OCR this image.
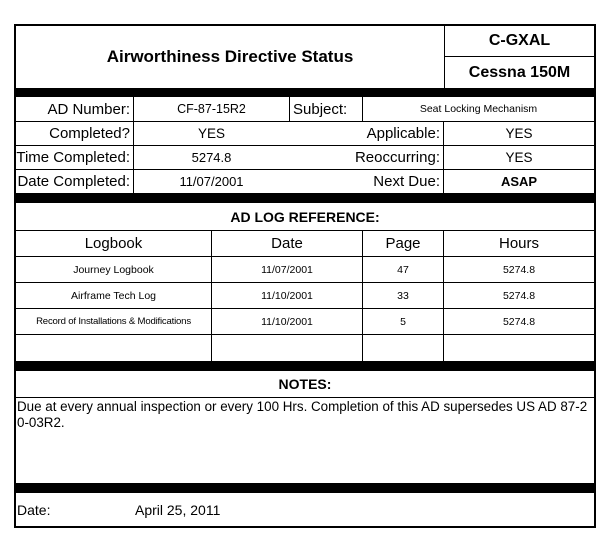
Airworthiness Directive Status
C-GXAL
Cessna 150M
AD Number:	CF-87-15R2	Subject:	Seat Locking Mechanism
Completed?	YES	Applicable:	YES
Time Completed:	5274.8	Reoccurring:	YES
Date Completed:	11/07/2001	Next Due:	ASAP
AD LOG REFERENCE:
Logbook	Date	Page	Hours
Journey Logbook	11/07/2001	47	5274.8
Airframe Tech Log	11/10/2001	33	5274.8
Record of Installations & Modifications	11/10/2001	5	5274.8
NOTES:
Due at every annual inspection or every 100 Hrs. Completion of this AD supersedes US AD 87-20-03R2.
Date:	April 25, 2011
